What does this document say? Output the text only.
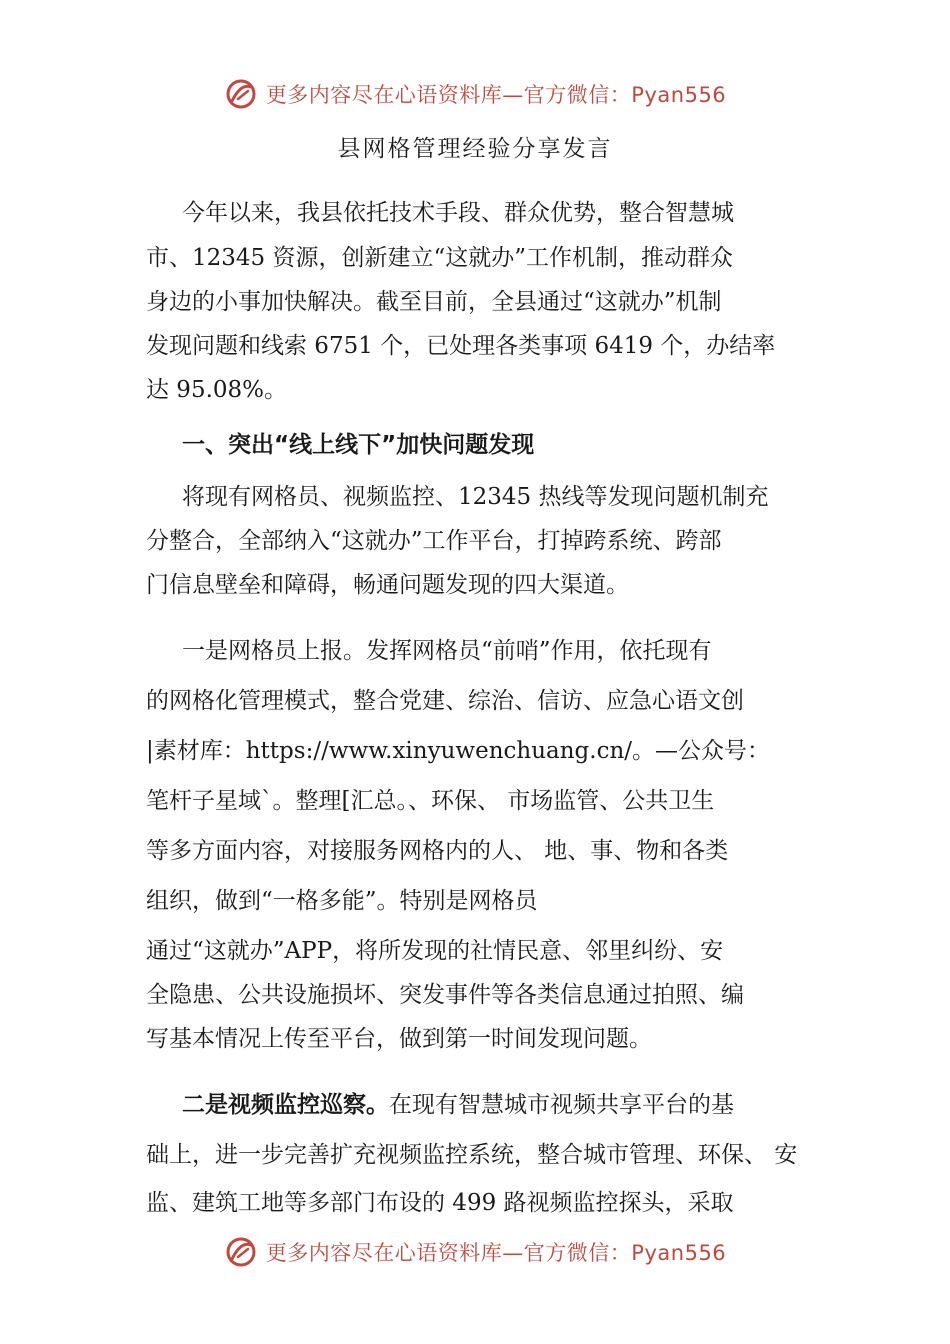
更多内容尽在心语资料库—官方微信：Pyan556
县网格管理经验分享发言
今年以来，我县依托技术手段、群众优势，整合智慧城
市、12345 资源，创新建立“这就办”工作机制，推动群众
身边的小事加快解决。截至目前，全县通过“这就办”机制
发现问题和线索 6751 个，已处理各类事项 6419 个，办结率
达 95.08%。
一、突出“线上线下”加快问题发现
将现有网格员、视频监控、12345 热线等发现问题机制充
分整合，全部纳入“这就办”工作平台，打掉跨系统、跨部
门信息壁垒和障碍，畅通问题发现的四大渠道。
一是网格员上报。发挥网格员“前哨”作用，依托现有
的网格化管理模式，整合党建、综治、信访、应急心语文创
|素材库：https://www.xinyuwenchuang.cn/。—公众号：
笔杆子星域`。整理[汇总。、环保、 市场监管、公共卫生
等多方面内容，对接服务网格内的人、 地、事、物和各类
组织，做到“一格多能”。特别是网格员
通过“这就办”APP，将所发现的社情民意、邻里纠纷、安
全隐患、公共设施损坏、突发事件等各类信息通过拍照、编
写基本情况上传至平台，做到第一时间发现问题。
二是视频监控巡察。在现有智慧城市视频共享平台的基
础上，进一步完善扩充视频监控系统，整合城市管理、环保、 安
监、建筑工地等多部门布设的 499 路视频监控探头，采取
更多内容尽在心语资料库—官方微信：Pyan556
